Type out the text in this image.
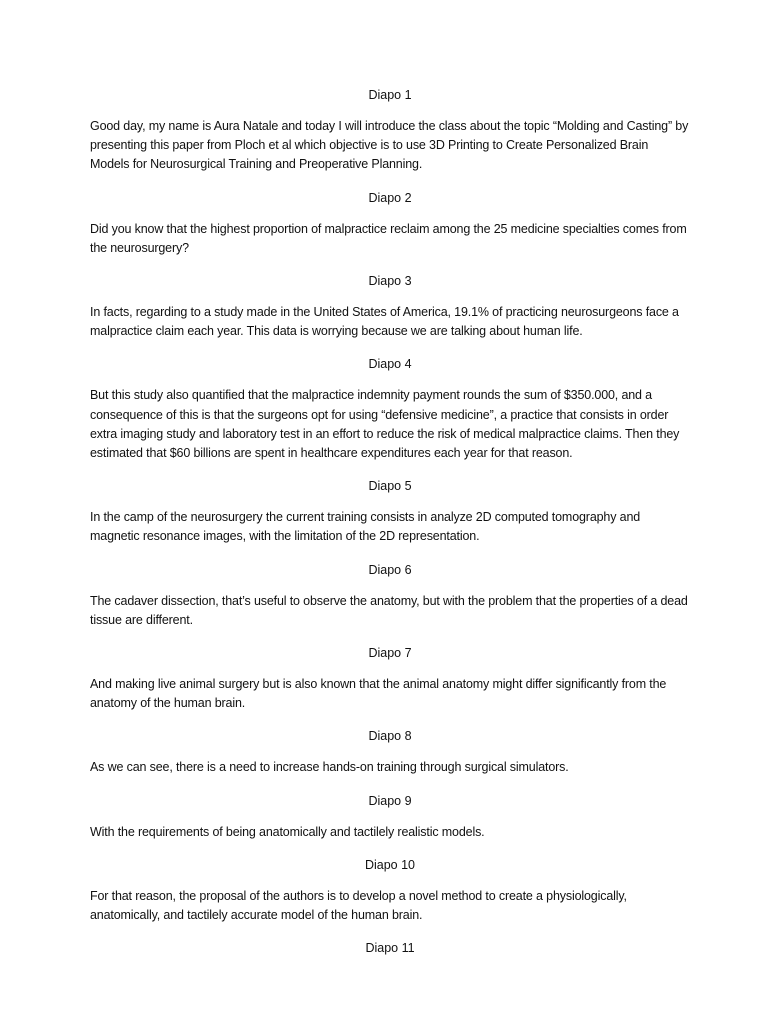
Diapo 1

Good day, my name is Aura Natale and today I will introduce the class about the topic “Molding and Casting” by presenting this paper from Ploch et al which objective is to use 3D Printing to Create Personalized Brain Models for Neurosurgical Training and Preoperative Planning.

Diapo 2

Did you know that the highest proportion of malpractice reclaim among the 25 medicine specialties comes from the neurosurgery?

Diapo 3

In facts, regarding to a study made in the United States of America, 19.1% of practicing neurosurgeons face a malpractice claim each year. This data is worrying because we are talking about human life.

Diapo 4

But this study also quantified that the malpractice indemnity payment rounds the sum of $350.000, and a consequence of this is that the surgeons opt for using “defensive medicine”, a practice that consists in order extra imaging study and laboratory test in an effort to reduce the risk of medical malpractice claims. Then they estimated that $60 billions are spent in healthcare expenditures each year for that reason.

Diapo 5

In the camp of the neurosurgery the current training consists in analyze 2D computed tomography and magnetic resonance images, with the limitation of the 2D representation.

Diapo 6

The cadaver dissection, that’s useful to observe the anatomy, but with the problem that the properties of a dead tissue are different.

Diapo 7

And making live animal surgery but is also known that the animal anatomy might differ significantly from the anatomy of the human brain.

Diapo 8

As we can see, there is a need to increase hands-on training through surgical simulators.

Diapo 9

With the requirements of being anatomically and tactilely realistic models.

Diapo 10

For that reason, the proposal of the authors is to develop a novel method to create a physiologically, anatomically, and tactilely accurate model of the human brain.

Diapo 11
